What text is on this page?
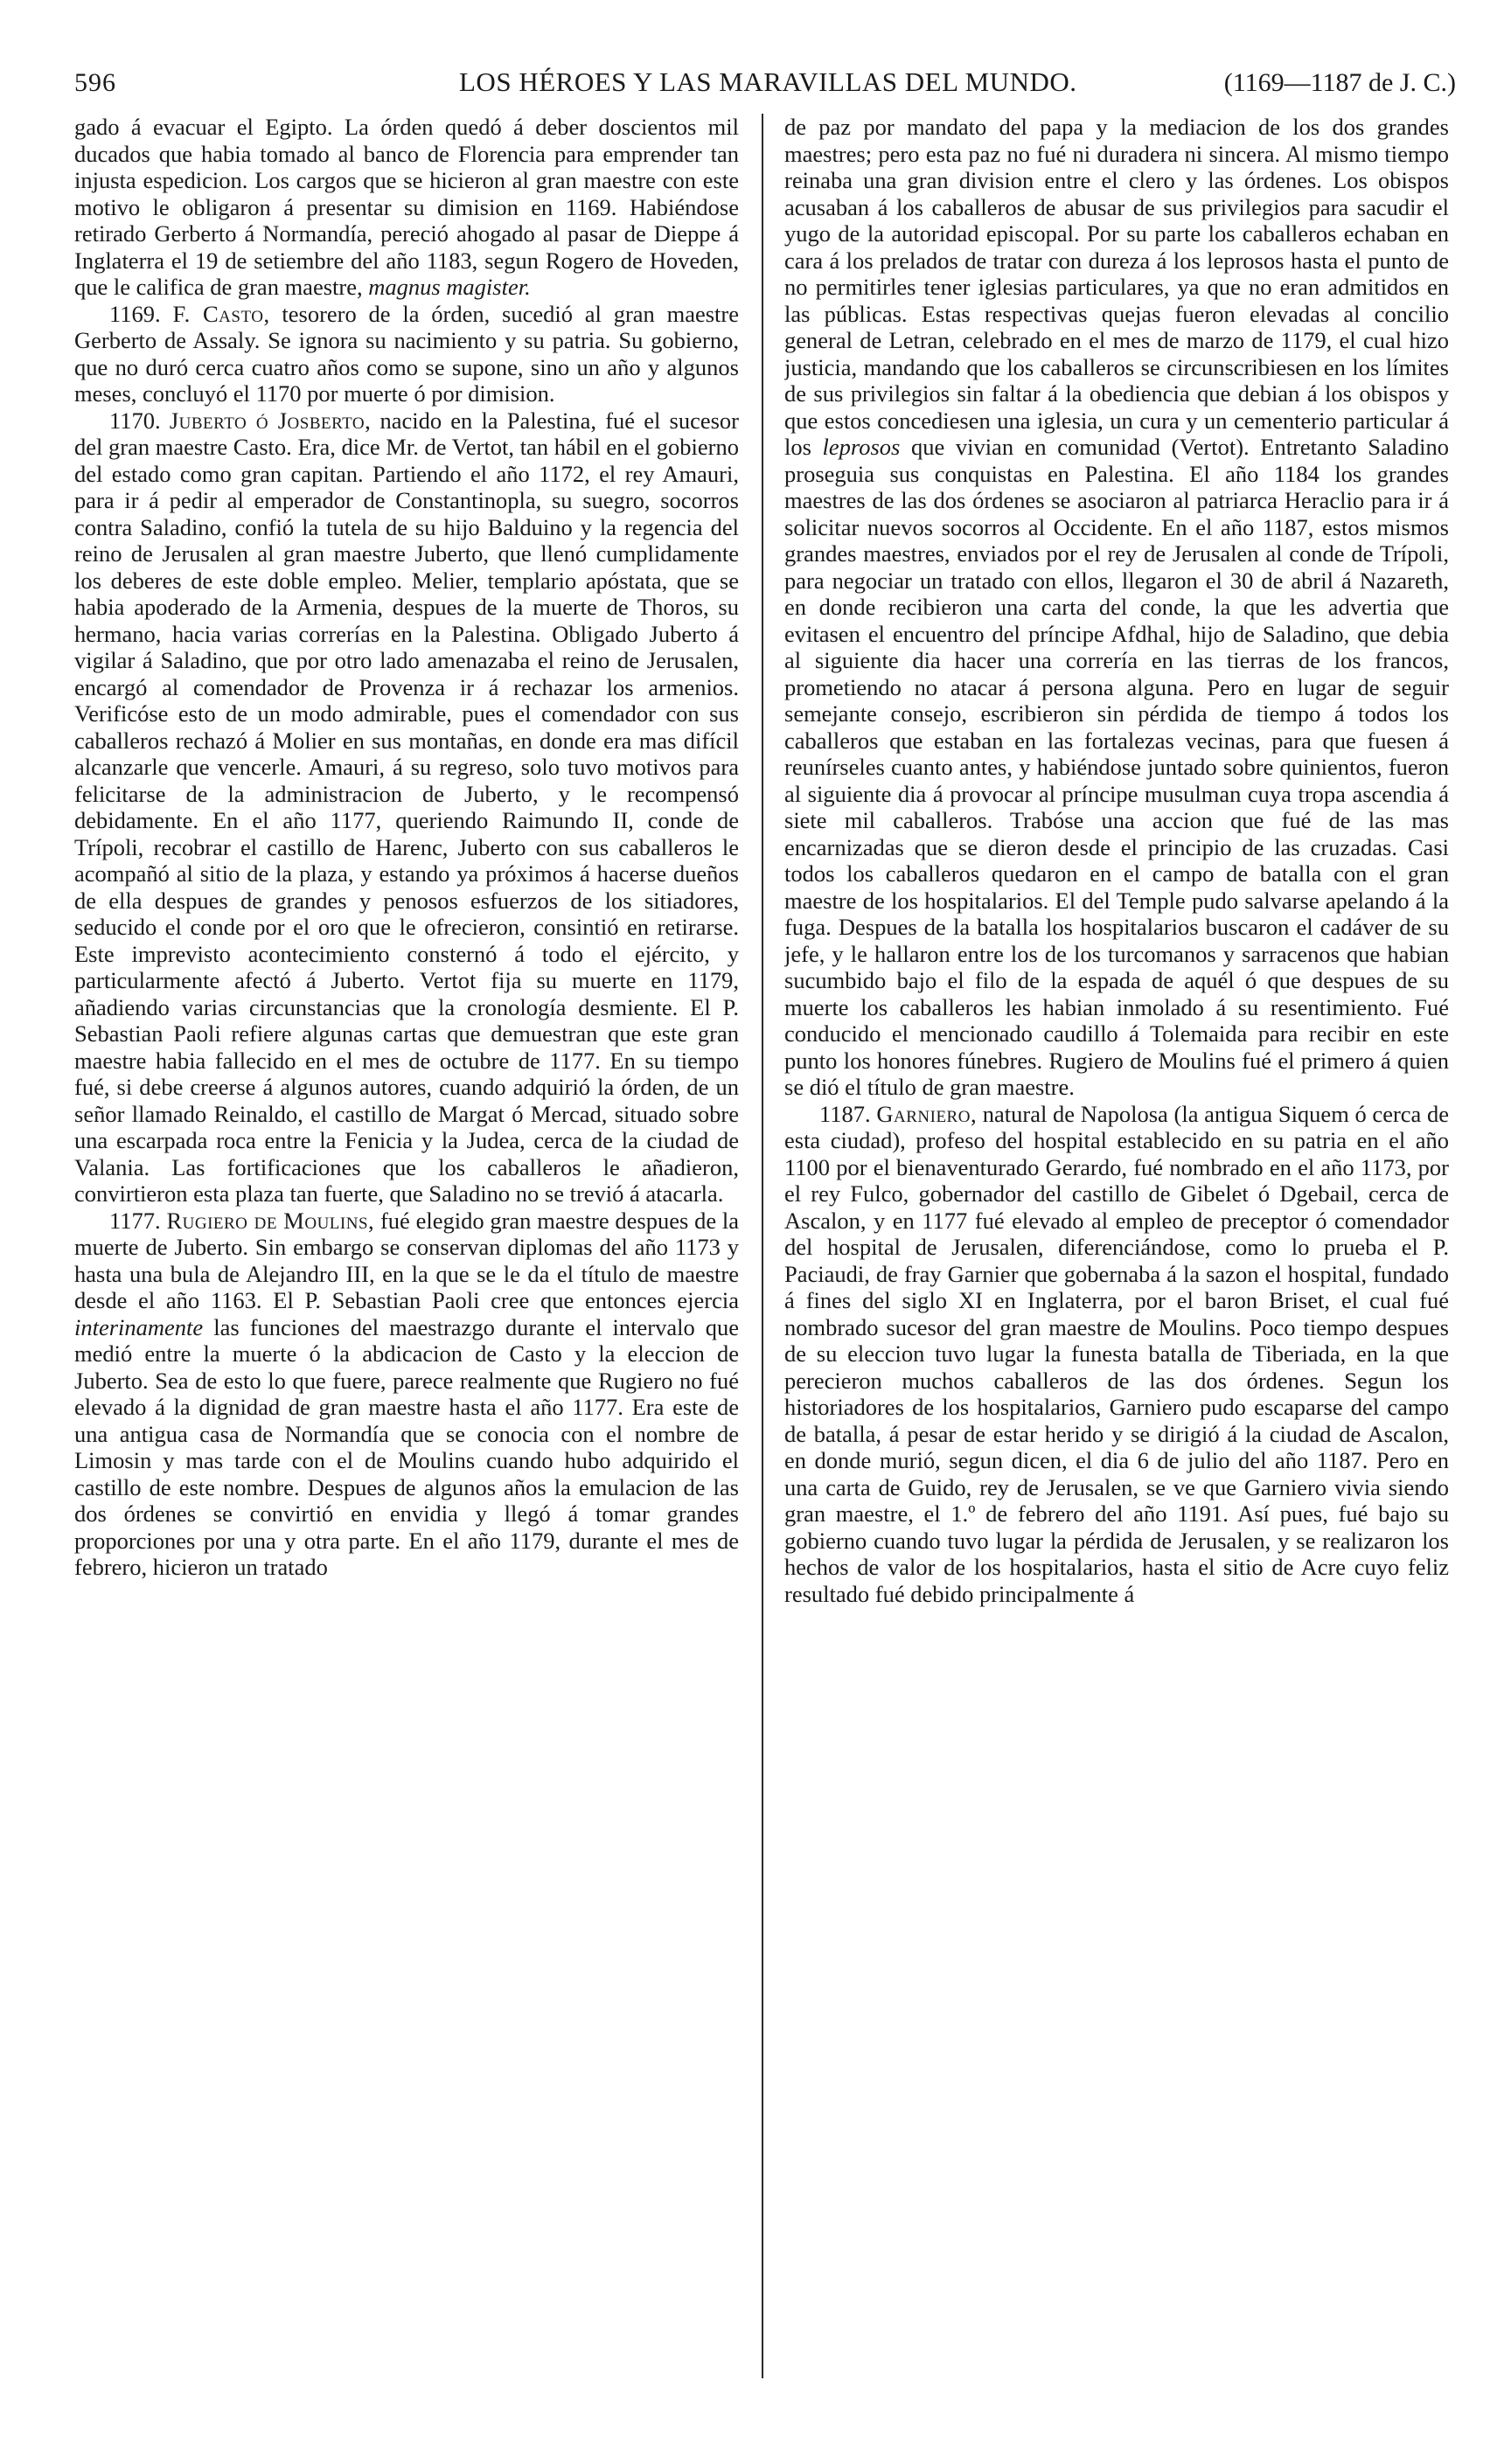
596	LOS HÉROES Y LAS MARAVILLAS DEL MUNDO.	(1169—1187 de J. C.)

gado á evacuar el Egipto. La órden quedó á deber doscientos mil ducados que habia tomado al banco de Florencia para emprender tan injusta espedicion. Los cargos que se hicieron al gran maestre con este motivo le obligaron á presentar su dimision en 1169. Habiéndose retirado Gerberto á Normandía, pereció ahogado al pasar de Dieppe á Inglaterra el 19 de setiembre del año 1183, segun Rogero de Hoveden, que le califica de gran maestre, magnus magister.

1169. F. Casto, tesorero de la órden, sucedió al gran maestre Gerberto de Assaly. Se ignora su nacimiento y su patria. Su gobierno, que no duró cerca cuatro años como se supone, sino un año y algunos meses, concluyó el 1170 por muerte ó por dimision.

1170. Juberto ó Josberto, nacido en la Palestina, fué el sucesor del gran maestre Casto. Era, dice Mr. de Vertot, tan hábil en el gobierno del estado como gran capitan. Partiendo el año 1172, el rey Amauri, para ir á pedir al emperador de Constantinopla, su suegro, socorros contra Saladino, confió la tutela de su hijo Balduino y la regencia del reino de Jerusalen al gran maestre Juberto, que llenó cumplidamente los deberes de este doble empleo. Melier, templario apóstata, que se habia apoderado de la Armenia, despues de la muerte de Thoros, su hermano, hacia varias correrías en la Palestina. Obligado Juberto á vigilar á Saladino, que por otro lado amenazaba el reino de Jerusalen, encargó al comendador de Provenza ir á rechazar los armenios. Verificóse esto de un modo admirable, pues el comendador con sus caballeros rechazó á Molier en sus montañas, en donde era mas difícil alcanzarle que vencerle. Amauri, á su regreso, solo tuvo motivos para felicitarse de la administracion de Juberto, y le recompensó debidamente. En el año 1177, queriendo Raimundo II, conde de Trípoli, recobrar el castillo de Harenc, Juberto con sus caballeros le acompañó al sitio de la plaza, y estando ya próximos á hacerse dueños de ella despues de grandes y penosos esfuerzos de los sitiadores, seducido el conde por el oro que le ofrecieron, consintió en retirarse. Este imprevisto acontecimiento consternó á todo el ejército, y particularmente afectó á Juberto. Vertot fija su muerte en 1179, añadiendo varias circunstancias que la cronología desmiente. El P. Sebastian Paoli refiere algunas cartas que demuestran que este gran maestre habia fallecido en el mes de octubre de 1177. En su tiempo fué, si debe creerse á algunos autores, cuando adquirió la órden, de un señor llamado Reinaldo, el castillo de Margat ó Mercad, situado sobre una escarpada roca entre la Fenicia y la Judea, cerca de la ciudad de Valania. Las fortificaciones que los caballeros le añadieron, convirtieron esta plaza tan fuerte, que Saladino no se trevió á atacarla.

1177. Rugiero de Moulins, fué elegido gran maestre despues de la muerte de Juberto. Sin embargo se conservan diplomas del año 1173 y hasta una bula de Alejandro III, en la que se le da el título de maestre desde el año 1163. El P. Sebastian Paoli cree que entonces ejercia interinamente las funciones del maestrazgo durante el intervalo que medió entre la muerte ó la abdicacion de Casto y la eleccion de Juberto. Sea de esto lo que fuere, parece realmente que Rugiero no fué elevado á la dignidad de gran maestre hasta el año 1177. Era este de una antigua casa de Normandía que se conocia con el nombre de Limosin y mas tarde con el de Moulins cuando hubo adquirido el castillo de este nombre. Despues de algunos años la emulacion de las dos órdenes se convirtió en envidia y llegó á tomar grandes proporciones por una y otra parte. En el año 1179, durante el mes de febrero, hicieron un tratado

de paz por mandato del papa y la mediacion de los dos grandes maestres; pero esta paz no fué ni duradera ni sincera. Al mismo tiempo reinaba una gran division entre el clero y las órdenes. Los obispos acusaban á los caballeros de abusar de sus privilegios para sacudir el yugo de la autoridad episcopal. Por su parte los caballeros echaban en cara á los prelados de tratar con dureza á los leprosos hasta el punto de no permitirles tener iglesias particulares, ya que no eran admitidos en las públicas. Estas respectivas quejas fueron elevadas al concilio general de Letran, celebrado en el mes de marzo de 1179, el cual hizo justicia, mandando que los caballeros se circunscribiesen en los límites de sus privilegios sin faltar á la obediencia que debian á los obispos y que estos concediesen una iglesia, un cura y un cementerio particular á los leprosos que vivian en comunidad (Vertot). Entretanto Saladino proseguia sus conquistas en Palestina. El año 1184 los grandes maestres de las dos órdenes se asociaron al patriarca Heraclio para ir á solicitar nuevos socorros al Occidente. En el año 1187, estos mismos grandes maestres, enviados por el rey de Jerusalen al conde de Trípoli, para negociar un tratado con ellos, llegaron el 30 de abril á Nazareth, en donde recibieron una carta del conde, la que les advertia que evitasen el encuentro del príncipe Afdhal, hijo de Saladino, que debia al siguiente dia hacer una correría en las tierras de los francos, prometiendo no atacar á persona alguna. Pero en lugar de seguir semejante consejo, escribieron sin pérdida de tiempo á todos los caballeros que estaban en las fortalezas vecinas, para que fuesen á reunírseles cuanto antes, y habiéndose juntado sobre quinientos, fueron al siguiente dia á provocar al príncipe musulman cuya tropa ascendia á siete mil caballeros. Trabóse una accion que fué de las mas encarnizadas que se dieron desde el principio de las cruzadas. Casi todos los caballeros quedaron en el campo de batalla con el gran maestre de los hospitalarios. El del Temple pudo salvarse apelando á la fuga. Despues de la batalla los hospitalarios buscaron el cadáver de su jefe, y le hallaron entre los de los turcomanos y sarracenos que habian sucumbido bajo el filo de la espada de aquél ó que despues de su muerte los caballeros les habian inmolado á su resentimiento. Fué conducido el mencionado caudillo á Tolemaida para recibir en este punto los honores fúnebres. Rugiero de Moulins fué el primero á quien se dió el título de gran maestre.

1187. Garniero, natural de Napolosa (la antigua Siquem ó cerca de esta ciudad), profeso del hospital establecido en su patria en el año 1100 por el bienaventurado Gerardo, fué nombrado en el año 1173, por el rey Fulco, gobernador del castillo de Gibelet ó Dgebail, cerca de Ascalon, y en 1177 fué elevado al empleo de preceptor ó comendador del hospital de Jerusalen, diferenciándose, como lo prueba el P. Paciaudi, de fray Garnier que gobernaba á la sazon el hospital, fundado á fines del siglo XI en Inglaterra, por el baron Briset, el cual fué nombrado sucesor del gran maestre de Moulins. Poco tiempo despues de su eleccion tuvo lugar la funesta batalla de Tiberiada, en la que perecieron muchos caballeros de las dos órdenes. Segun los historiadores de los hospitalarios, Garniero pudo escaparse del campo de batalla, á pesar de estar herido y se dirigió á la ciudad de Ascalon, en donde murió, segun dicen, el dia 6 de julio del año 1187. Pero en una carta de Guido, rey de Jerusalen, se ve que Garniero vivia siendo gran maestre, el 1.º de febrero del año 1191. Así pues, fué bajo su gobierno cuando tuvo lugar la pérdida de Jerusalen, y se realizaron los hechos de valor de los hospitalarios, hasta el sitio de Acre cuyo feliz resultado fué debido principalmente á
